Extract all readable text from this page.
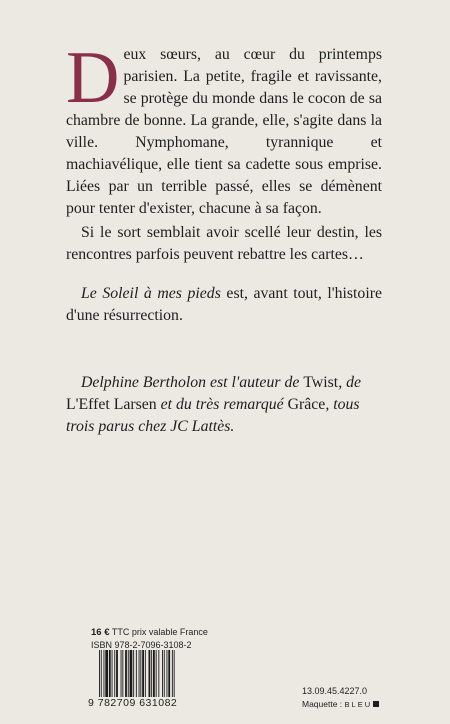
Deux sœurs, au cœur du printemps parisien. La petite, fragile et ravissante, se protège du monde dans le cocon de sa chambre de bonne. La grande, elle, s'agite dans la ville. Nymphomane, tyrannique et machiavélique, elle tient sa cadette sous emprise. Liées par un terrible passé, elles se démènent pour tenter d'exister, chacune à sa façon.

Si le sort semblait avoir scellé leur destin, les rencontres parfois peuvent rebattre les cartes…

Le Soleil à mes pieds est, avant tout, l'histoire d'une résurrection.

Delphine Bertholon est l'auteur de Twist, de L'Effet Larsen et du très remarqué Grâce, tous trois parus chez JC Lattès.
16 € TTC prix valable France
ISBN 978-2-7096-3108-2
9 782709 631082
13.09.45.4227.0
Maquette : BLEU
